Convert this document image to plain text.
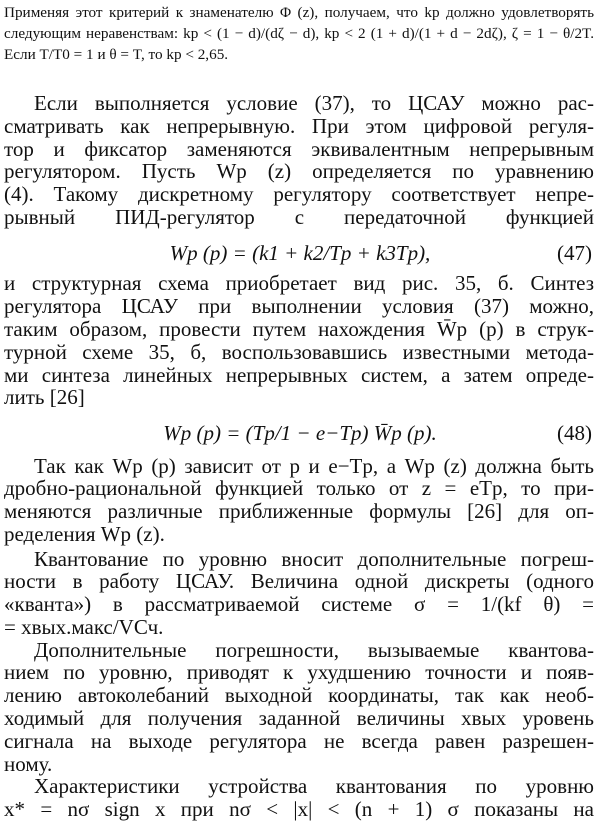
Применяя этот критерий к знаменателю Φ (z), получаем, что kр должно удовлетворять следующим неравенствам: kр < (1 − d)/(dζ − d), kр < 2 (1 + d)/(1 + d − 2dζ), ζ = 1 − θ/2T. Если T/T0 = 1 и θ = T, то kр < 2,65.
Если выполняется условие (37), то ЦСАУ можно рас-
сматривать как непрерывную. При этом цифровой регуля-
тор и фиксатор заменяются эквивалентным непрерывным
регулятором. Пусть Wр (z) определяется по уравнению
(4). Такому дискретному регулятору соответствует непре-
рывный ПИД-регулятор с передаточной функцией
Wр (p) = (k1 + k2/Tp + k3Tp),	(47)
и структурная схема приобретает вид рис. 35, б. Синтез
регулятора ЦСАУ при выполнении условия (37) можно,
таким образом, провести путем нахождения W̄р (p) в струк-
турной схеме 35, б, воспользовавшись известными метода-
ми синтеза линейных непрерывных систем, а затем опреде-
лить [26]
Wр (p) = (Tp/1 − e−Tp) W̄р (p).	(48)
Так как Wр (p) зависит от p и e−Tp, а Wр (z) должна быть
дробно-рациональной функцией только от z = eTp, то при-
меняются различные приближенные формулы [26] для оп-
ределения Wр (z).
Квантование по уровню вносит дополнительные погреш-
ности в работу ЦСАУ. Величина одной дискреты (одного
«кванта») в рассматриваемой системе σ = 1/(kf θ) =
= xвых.макс/VСч.
Дополнительные погрешности, вызываемые квантова-
нием по уровню, приводят к ухудшению точности и появ-
лению автоколебаний выходной координаты, так как необ-
ходимый для получения заданной величины xвых уровень
сигнала на выходе регулятора не всегда равен разрешен-
ному.
Характеристики устройства квантования по уровню
x* = nσ sign x при nσ < |x| < (n + 1) σ показаны на
